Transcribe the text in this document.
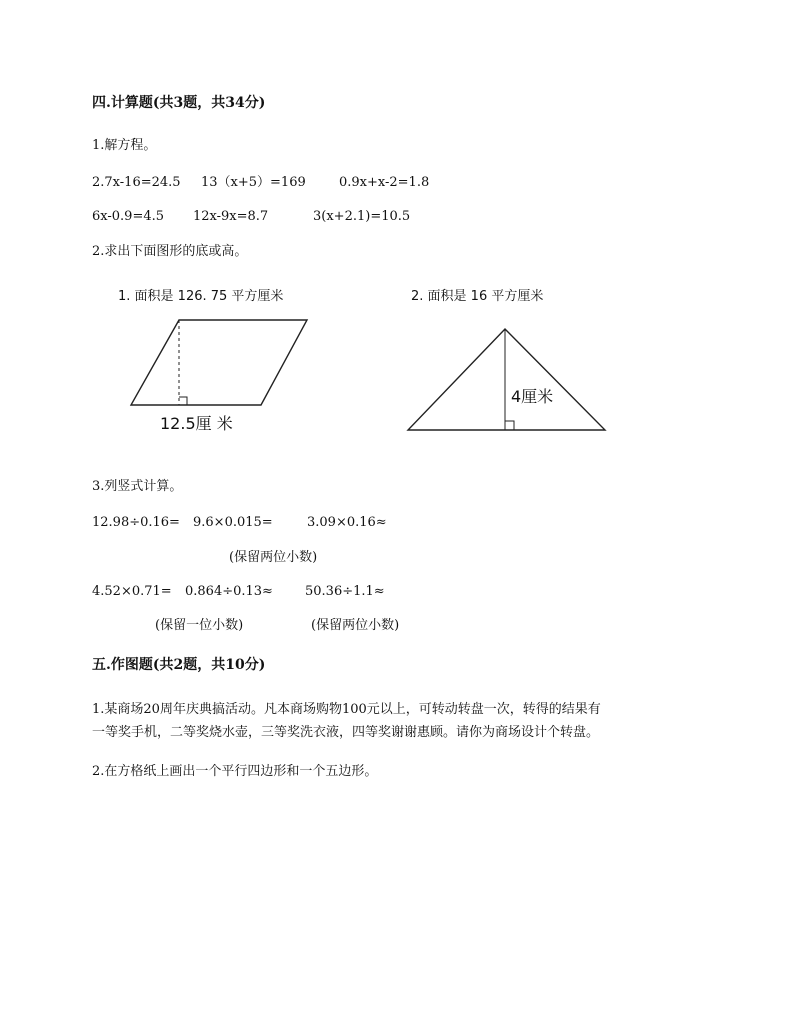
四.计算题(共3题，共34分)
1.解方程。
2.7x-16=24.5 13（x+5）=169	0.9x+x-2=1.8
6x-0.9=4.5 12x-9x=8.7	3(x+2.1)=10.5
2.求出下面图形的底或高。
1. 面积是 126. 75 平方厘米	2. 面积是 16 平方厘米
12.5厘 米
4厘米
3.列竖式计算。
12.98÷0.16= 9.6×0.015=	3.09×0.16≈
(保留两位小数)
4.52×0.71= 0.864÷0.13≈ 50.36÷1.1≈
(保留一位小数)	(保留两位小数)
五.作图题(共2题，共10分)
1.某商场20周年庆典搞活动。凡本商场购物100元以上，可转动转盘一次，转得的结果有
一等奖手机，二等奖烧水壶，三等奖洗衣液，四等奖谢谢惠顾。请你为商场设计个转盘。
2.在方格纸上画出一个平行四边形和一个五边形。
